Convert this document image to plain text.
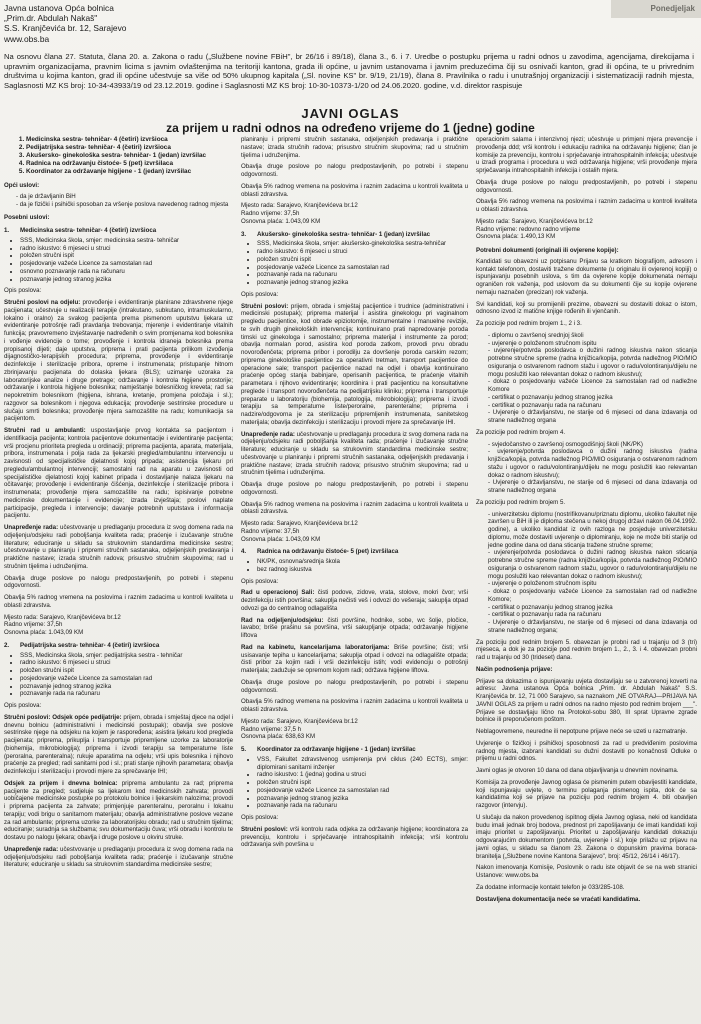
Ponedjeljak
Javna ustanova Opća bolnica
„Prim.dr. Abdulah Nakaš"
S.S. Kranjčevića br. 12, Sarajevo
www.obs.ba
Na osnovu člana 27. Statuta, člana 20. a. Zakona o radu („Službene novine FBiH", br 26/16 i 89/18), člana 3., 6. i 7. Uredbe o postupku prijema u radni odnos u zavodima, agencijama, direkcijama i upravnim organizacijama, pravnim licima s javnim ovlaštenjima na teritoriji kantona, grada ili općine, u javnim ustanovama i javnim preduzećima čiji su osnivači kanton, grad ili općina, te u privrednim društvima u kojima kanton, grad ili općine učestvuje sa više od 50% ukupnog kapitala („Sl. novine KS" br. 9/19, 21/19), člana 8. Pravilnika o radu i unutrašnjoj organizaciji i sistematizaciji radnih mjesta, Saglasnosti MZ KS broj: 10-34-43933/19 od 23.12.2019. godine i Saglasnosti MZ KS broj: 10-30-10373-1/20 od 24.06.2020. godine, v.d. direktor raspisuje
JAVNI OGLAS
za prijem u radni odnos na određeno vrijeme do 1 (jedne) godine
1. Medicinska sestra- tehničar- 4 (četiri) izvršioca
2. Pedijatrijska sestra- tehničar- 4 (četiri) izvršioca
3. Akušersko- ginekološka sestra- tehničar- 1 (jedan) izvršilac
4. Radnica na održavanju čistoće- 5 (pet) izvršilaca
5. Koordinator za održavanje higijene - 1 (jedan) izvršilac

Opći uslovi:

- da je državljanin BiH
- da je fizički i psihički sposoban za vršenje poslova navedenog radnog mjesta

Posebni uslovi:

1. Medicinska sestra- tehničar- 4 (četiri) izvršioca
• SSS, Medicinska škola, smjer: medicinska sestra- tehničar
• radno iskustvo: 6 mjeseci u struci
• položen stručni ispit
• posjedovanje važeće Licence za samostalan rad
• osnovno poznavanje rada na računaru
• poznavanje jednog stranog jezika

Opis poslova:

Stručni poslovi na odjelu: provođenje i evidentiranje planirane zdravstvene njege pacijenata; učestvuje u realizaciji terapije (intrakutano, subkutano, intramuskularno, lokalno i oralno) za svakog pacijenta prema pismenom uputstvu ljekara uz evidentiranje potrošnje rađi pravdanja trebovanja; mjerenje i evidentiranje vitalnih funkcija; pravovremeno izvještavanje nadređenih o svim promjenama kod bolesnika i vođenje evidencije o tome; provođenje i kontrola idraneja bolesnika prema propisanoj dijeti; daje uputstva, priprema i prati pacijenta prilikom izvođenja dijagnostičko-terapijskih procedura; priprema, provođenje i evidentiranje dezinfekcije i sterilizacije pribora, opreme i instrumenata; pristupanje hitnom zbrinjavanju pacijenata do dolaska ljekara (BLS); uzimanje uzoraka za laboratorijske analize i druge pretrage; održavanje i kontrola higijene prostorije; održavanje i kontrola higijene bolesnika; namještanje bolesničkog kreveta; rad sa nepokretnim bolesnikom (higijena, ishrana, kretanje, promjena položaja i sl.); razgovor sa bolesnikom i njegova edukacija; provođenje sestrinske procedure u slučaju smrti bolesnika; provođenje mjera samozaštite na radu; komunikacija sa pacijentom.

Stručni rad u ambulanti: uspostavljanje prvog kontakta sa pacijentom i identifikacija pacijenta; kontrola pacijentove dokumentacije i evidentiranje pacijenta; vrši procjenu prioriteta pregleda u ordinaciji; priprema pacijenta, aparata, materijala, pribora, instrumenata i polja rada za ljekarski pregled/ambulantnu intervenciju u zavisnosti od specijalističke djelatnosti kojoj pripada; asistencija ljekaru pri pregledu/ambulantnoj intervenciji; samostalni rad na aparatu u zavisnosti od specijalističke djelatnosti kojoj kabinet pripada i dostavljanje nalaza ljekaru na očitavanje; provođenje i evidentiranje čišćenja, dezinfekcije i sterilizacije pribora i instrumenata; provođenje mjera samozaštite na radu; ispisivanje potrebne medicinske dokumentacije i evidencije; izrada izvještaja; poslovi naplate participacije, pregleda i intervencije; davanje potrebnih uputstava i informacija pacijentu.

Unapređenje rada: učestvovanje u predlaganju procedura iz svog domena rada na odjeljenju/odsjeku radi poboljšanja kvaliteta rada; praćenje i izučavanje stručne literature; educiranje u skladu sa strukovnim standardima medicinske sestre; učestvovanje u planiranju i pripremi stručnih sastanaka, odjeljenjskih predavanja i praktične nastave; izrada stručnih radova; prisustvo stručnim skupovima; rad u stručnim tijelima i udruženjima.

Obavlja druge poslove po nalogu predpostavljenih, po potrebi i stepenu odgovornosti.

Obavlja 5% radnog vremena na poslovima i raznim zadacima u kontroli kvaliteta u oblasti zdravstva.

Mjesto rada: Sarajevo, Kranjčevićeva br.12
Radno vrijeme: 37,5h
Osnovna plaća: 1.043,09 KM
2. Pedijatrijska sestra- tehničar- 4 (četiri) izvršioca
• SSS, Medicinska škola, smjer: pedijatrijska sestra - tehničar
• radno iskustvo: 6 mjeseci u struci
• položen stručni ispit
• posjedovanje važeće Licence za samostalan rad
• poznavanje jednog stranog jezika
• poznavanje rada na računaru

Opis poslova:

Stručni poslovi: Odsjek opće pedijatrije: prijem, obrada i smještaj djece na odjel i dnevnu bolnicu (administrativni i medicinski postupak); obavlja sve poslove sestrinske njege na odsjeku na kojem je raspoređena; asistira ljekaru kod pregleda pacijenata; priprema, prikuplja i transportuje pripremljene uzorke za laboratorije (biohemija, mikrobiologija); priprema i izvodi terapiju sa temperaturne liste (peroralna, parenteralna); rukuje aparatima na odjelu; vrši upis bolesnika i njihovo praćenje za pregled; radi sanitarni pod i sl.; prati stanje njihovih parametara; obavlja dezinfekciju i sterilizaciju i provodi mjere za sprečavanje IHI;

Odsjek za prijem i dnevna bolnica: priprema ambulantu za rad; priprema pacijente za pregled; sudjeluje sa ljekarom kod medicinskih zahvata; provodi uobičajene medicinske postupke po protokolu bolnice i ljekarskim nalozima; provodi i priprema pacijenta za zahvate; primjenjuje parenteralnu, peroralnu i lokalnu terapiju; vodi brigu o sanitarnom materijalu; obavlja administrativne poslove vezane za rad ambulante; priprema uzorke za laboratorijsku obradu; rad u stručnim tijelima; educiranje; suradnja sa službama; svu dokumentaciju čuva; vrši obradu i kontrolu te dostavu po nalogu ljekara; obavlja i druge poslove u okviru struke.

Unapređenje rada: učestvovanje u predlaganju procedura iz svog domena rada na odjeljenju/odsjeku radi poboljšanja kvaliteta rada; praćenje i izučavanje stručne literature; educiranje u skladu sa strukovnim standardima medicinske sestre;

planiranju i pripremi stručnih sastanaka, odjeljenjskih predavanja i praktične nastave; izrada stručnih radova; prisustvo stručnim skupovima; rad u stručnim tijelima i udruženjima.

Obavlja druge poslove po nalogu predpostavljenih, po potrebi i stepenu odgovornosti.

Obavlja 5% radnog vremena na poslovima i raznim zadacima u kontroli kvaliteta u oblasti zdravstva.

Mjesto rada: Sarajevo, Kranjčevićeva br.12
Radno vrijeme: 37,5h
Osnovna plaća: 1.043,09 KM
3. Akušersko- ginekološka sestra- tehničar- 1 (jedan) izvršilac
• SSS, Medicinska škola, smjer: akušersko-ginekološka sestra-tehničar
• radno iskustvo: 6 mjeseci u struci
• položen stručni ispit
• posjedovanje važeće Licence za samostalan rad
• poznavanje rada na računaru
• poznavanje jednog stranog jezika

Opis poslova:

Stručni poslovi: prijem, obrada i smještaj pacijentice i trudnice (administrativni i medicinski postupak); priprema materijal i asistira ginekologu pri vaginalnom pregledu pacijentice, kod obrade epiziotomije, instrumentalne i manuelne revizije, te svih drugih ginekoloških intervencija; kontinuirano prati napredovanje poroda timski uz ginekologa i samostalno; priprema materijal i instrumente za porod; obavlja normalan porod, asistira kod poroda zatkom, provodi prvu obradu novorođenčeta; priprema pribor i porodilju za dovršenje poroda carskim rezom; priprema ginekološke pacijentice za operativni tretman, transport pacijentice do operacione sale; transport pacijentice nazad na odjel i obavlja kontinuirano praćenje općeg stanja babinjare, operisanih pacijentica, te praćenje vitalnih parametara i njihovo evidentiranje; koordinira i prati pacijenticu na konsultativne preglede i transport novorođenčeta na pedijatrijsku kliniku; priprema i transportuje preparate u laboratoriju (biohemija, patologija, mikrobiologija); priprema i izvodi terapiju sa temperaturne liste/peroralne, parenteralne; priprema i nadzire/odgovorna je za sterilizaciju pripremljenih instrumenata, sanitetskog materijala; obavlja dezinfekciju i sterilizaciju i provodi mjere za sprečavanje IHI.

Unapređenje rada: učestvovanje u predlaganju procedura iz svog domena rada na odjeljenju/odsjeku radi poboljšanja kvaliteta rada; praćenje i izučavanje stručne literature; educiranje u skladu sa strukovnim standardima medicinske sestre; učestvovanje u planiranju i pripremi stručnih sastanaka, odjeljenjskih predavanja i praktične nastave; izrada stručnih radova; prisustvo stručnim skupovima; rad u stručnim tijelima i udruženjima.

Obavlja druge poslove po nalogu predpostavljenih, po potrebi i stepenu odgovornosti.

Obavlja 5% radnog vremena na poslovima i raznim zadacima u kontroli kvaliteta u oblasti zdravstva.

Mjesto rada: Sarajevo, Kranjčevićeva br.12
Radno vrijeme: 37,5h
Osnovna plaća: 1.043,09 KM
4. Radnica na održavanju čistoće- 5 (pet) izvršilaca
• NK/PK, osnovna/srednja škola
• bez radnog iskustva

Opis poslova:

Rad u operacionoj Sali: čisti podove, zidove, vrata, stolove, mokri čvor; vrši dezinfekciju istih površina; sakuplja nečisti veš i odvozi do vešeraja; sakuplja otpad odvozi ga do centralnog odlagališta

Rad na odjeljenju/odsjeku: čisti površine, hodnike, sobe, wc šolje, pločice, lavabo; briše prašinu sa površina, vrši sakupljanje otpada; održavanje higijene liftova

Rad na kabinetu, kancelarijama laboratorijama: Briše površine; čisti; vrši usisavanje tepiha u kancelarijama; sakuplja otpad i odvozi na odlagalište otpada; čisti pribor za kojim radi i vrši dezinfekciju istih; vodi evidenciju o potrošnji materijala; zadužuje se opremom kojom radi; održava higijene liftova.

Obavlja druge poslove po nalogu predpostavljenih, po potrebi i stepenu odgovornosti.

Obavlja 5% radnog vremena na poslovima i raznim zadacima u kontroli kvaliteta u oblasti zdravstva.

Mjesto rada: Sarajevo, Kranjčevićeva br.12
Radno vrijeme: 37,5 h
Osnovna plaća: 638,63 KM
5. Koordinator za održavanje higijene - 1 (jedan) izvršilac
• VSS, Fakultet zdravstvenog usmjerenja prvi ciklus (240 ECTS), smjer: diplomirani sanitarni inženjer
• radno iskustvo: 1 (jedna) godina u struci
• položen stručni ispit
• posjedovanje važeće Licence za samostalan rad
• poznavanje jednog stranog jezika
• poznavanje rada na računaru

Opis poslova:

Stručni poslovi: vrši kontrolu rada odjeka za održavanje higijene; koordinatora za prevenciju, kontrolu i sprječavanje intrahospitalnih infekcija; vrši kontrolu održavanja svih površina u

operacionim salama i intenzivnoj njezi; učestvuje u primjeni mjera prevencije i provođenja ddd; vrši kontrolu i edukaciju radnika na održavanju higijene; član je komisije za prevenciju, kontrolu i sprječavanje intrahospitalnih infekcija; učestvuje u izradi programa i procedura u vezi održavanja higijene; vrši provođenje mjera sprječavanja intrahospitalnih infekcija i ostalih mjera.

Obavlja druge poslove po nalogu predpostavljenih, po potrebi i stepenu odgovornosti.

Obavlja 5% radnog vremena na poslovima i raznim zadacima u kontroli kvaliteta u oblasti zdravstva.

Mjesto rada: Sarajevo, Kranjčevićeva br.12
Radno vrijeme: redovno radno vrijeme
Osnovna plaća: 1.490,13 KM

Potrebni dokumenti (originali ili ovjerene kopije):

Kandidati su obavezni uz potpisanu Prijavu sa kratkom biografijom, adresom i kontakt telefonom, dostaviti tražene dokumente (u originalu ili ovjerenoj kopiji) o ispunjavanju posebnih uslova, s tim da ovjerene kopije dokumenata nemaju ograničen rok važenja, pod uslovom da su dokumenti čije su kopije ovjerene nemaju naznačen (precizan) rok važenja.

Svi kandidati, koji su promijenili prezime, obavezni su dostaviti dokaz o istom, odnosno izvod iz matične knjige rođenih ili vjenčanih.

Za pozicije pod rednim brojem 1., 2 i 3.

- diplomu o završenoj srednjoj školi
- uvjerenje o položenom stručnom ispitu
- uvjerenje/potvrda poslodavca o dužini radnog iskustva nakon sticanja potrebne stručne spreme (radna knjižica/kopija, potvrda nadležnog PIO/MIO osiguranja o ostvarenom radnom stažu i ugovor o radu/volontiranju/dijelu ne mogu poslužiti kao relevantan dokaz o radnom iskustvu);
- dokaz o posjedovanju važeće Licence za samostalan rad od nadležne Komore
- certifikat o poznavanju jednog stranog jezika
- certifikat o poznavanju rada na računaru
- Uvjerenje o državljanstvu, ne starije od 6 mjeseci od dana izdavanja od strane nadležnog organa

Za pozicije pod rednim brojem 4.

- svjedočanstvo o završenoj osmogodišnjoj školi (NK/PK)
- uvjerenje/potvrda poslodavca o dužini radnog iskustva (radna knjižica/kopija, potvrda nadležnog PIO/MIO osiguranja o ostvarenom radnom stažu i ugovor o radu/volontiranju/dijelu ne mogu poslužiti kao relevantan dokaz o radnom iskustvu);
- Uvjerenje o državljanstvu, ne starije od 6 mjeseci od dana izdavanja od strane nadležnog organa

Za poziciju pod rednim brojem 5.

- univerzitetsku diplomu (nostrifikovanu/priznatu diplomu, ukoliko fakultet nije završen u BiH ili je diploma stečena u nekoj drugoj državi nakon 06.04.1992. godine), a ukoliko kandidat iz ovih razloga ne posjeduje univerzitetsku diplomu, može dostaviti uvjerenje o diplomiranju, koje ne može biti starije od jedne godine dana od dana sticanja tražene stručne spreme;
- uvjerenje/potvrda poslodavca o dužini radnog iskustva nakon sticanja potrebne stručne spreme (radna knjižica/kopija, potvrda nadležnog PIO/MIO osiguranja o ostvarenom radnom stažu, ugovor o radu/volontiranju/dijelu ne mogu poslužiti kao relevantan dokaz o radnom iskustvu);
- uvjerenje o položenom stručnom ispitu
- dokaz o posjedovanju važeće Licence za samostalan rad od nadležne Komore;
- certifikat o poznavanju jednog stranog jezika
- certifikat o poznavanju rada na računaru
- Uvjerenje o državljanstvu, ne starije od 6 mjeseci od dana izdavanja od strane nadležnog organa;

Za poziciju pod rednim brojem 5. obavezan je probni rad u trajanju od 3 (tri) mjeseca, a dok je za pozicije pod rednim brojem 1., 2., 3. i 4. obavezan probni rad u trajanju od 30 (trideset) dana.

Način podnošenja prijave:

Prijave sa dokazima o ispunjavanju uvjeta dostavljaju se u zatvorenoj koverti na adresu: Javna ustanova Opća bolnica „Prim. dr. Abdulah Nakaš" S.S. Kranjčevića br. 12, 71 000 Sarajevo, sa naznakom „NE OTVARAJ—PRIJAVA NA JAVNI OGLAS za prijem u radni odnos na radno mjesto pod rednim brojem ___". Prijave se dostavljaju lično na Protokol-sobu 380, III sprat Upravne zgrade bolnice ili preporučenom poštom.

Neblagovremene, neuredne ili nepotpune prijave neće se uzeti u razmatranje.

Uvjerenje o fizičkoj i psihičkoj sposobnosti za rad u predviđenim poslovima radnog mjesta, izabrani kandidati su dužni dostaviti po konačnosti Odluke o prijemu u radni odnos.

Javni oglas je otvoren 10 dana od dana objavljivanja u dnevnim novinama.

Komisija za provođenje Javnog oglasa će pismenim putem obavijestiti kandidate, koji ispunjavaju uvjete, o terminu polaganja pismenog ispita, dok će sa kandidatima koji se prijave na poziciju pod rednim brojem 4. biti obavljen razgovor (intervju).

U slučaju da nakon provedenog ispitnog dijela Javnog oglasa, neki od kandidata budu imali jednak broj bodova, prednost pri zapošljavanju će imati kandidati koji imaju prioritet u zapošljavanju. Prioritet u zapošljavanju kandidati dokazuju odgovarajućim dokumentom (potvrda, uvjerenje i sl.) koje prilažu uz prijavu na javni oglas, u skladu sa članom 23. Zakona o dopunskim pravima boraca-branitelja („Službene novine Kantona Sarajevo", broj: 45/12, 26/14 i 46/17).

Nakon imenovanja Komisije, Poslovnik o radu iste objavit će se na web stranici Ustanove: www.obs.ba

Za dodatne informacije kontakt telefon je 033/285-108.

Dostavljena dokumentacija neće se vraćati kandidatima.
